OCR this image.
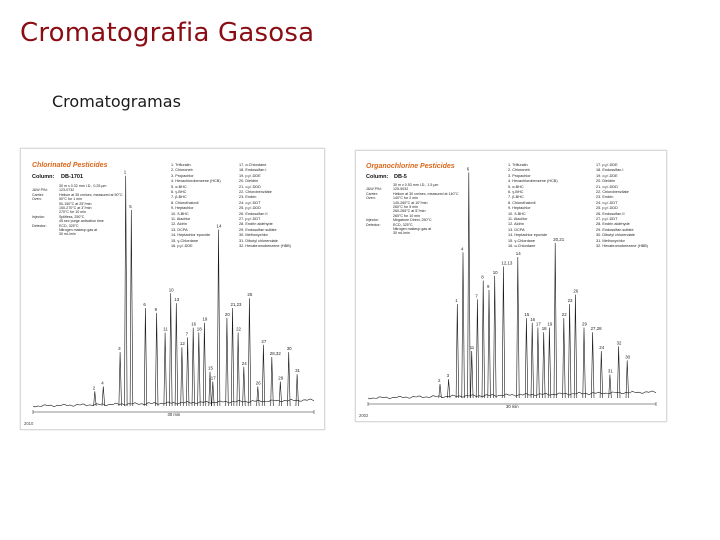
Cromatografia Gasosa
Cromatogramas
Chlorinated Pesticides
Column: DB-1701
30 m x 0.32 mm I.D., 0.25 μm
J&W P/N:	123-0732
Carrier:	Helium at 35 cm/sec, measured at 50°C
Oven:	50°C for 1 min
50-150°C at 25°/min
150-270°C at 3°/min
270°C for 10 min
Injector:	Splitless, 250°C
45 sec purge activation time
Detector:	ECD, 325°C
Nitrogen makeup gas at
30 mL/min
1. Trifluralin
2. Chloroneb
3. Propachlor
4. Hexachlorobenzene (HCB)
5. α-BHC
6. γ-BHC
7. β-BHC
8. Chlorothalonil
9. Heptachlor
10. δ-BHC
11. Alachlor
12. Aldrin
13. DCPA
14. Heptachlor epoxide
15. γ-Chlordane
16. p,p'-DDE
17. α-Chlordane
18. Endosulfan I
19. p,p'-DDE
20. Dieldrin
21. o,p'-DDD
22. Chlorobenzilate
23. Endrin
24. o,p'-DDT
25. p,p'-DDD
26. Endosulfan II
27. p,p'-DDT
28. Endrin aldehyde
29. Endosulfan sulfate
30. Methoxychlor
31. Dibutyl chlorendate
32. Hexabromobenzene (HBB)
2
4
3
1
5
6
9
11
10
13
12
7
16
18
19
15
17
14
20
21,23
22
24
25
26
27
28,32
29
30
31
30 min
2010
Organochlorine Pesticides
Column: DB-5
30 m x 0.53 mm I.D., 1.5 μm
J&W P/N:	125-5032
Carrier:	Helium at 30 cm/sec, measured at 140°C
Oven:	140°C for 2 min
140-260°C at 10°/min
260°C for 5 min
260-265°C at 5°/min
265°C for 10 min
Injector:	Megabore Direct, 250°C
Detector:	ECD, 325°C
Nitrogen makeup gas at
30 mL/min
1. Trifluralin
2. Chloroneb
3. Propachlor
4. Hexachlorobenzene (HCB)
5. α-BHC
6. γ-BHC
7. β-BHC
8. Chlorothalonil
9. Heptachlor
10. δ-BHC
11. Alachlor
12. Aldrin
13. DCPA
14. Heptachlor epoxide
15. γ-Chlordane
16. α-Chlordane
17. p,p'-DDE
18. Endosulfan I
19. o,p'-DDE
20. Dieldrin
21. o,p'-DDD
22. Chlorobenzilate
23. Endrin
24. o,p'-DDT
25. p,p'-DDD
26. Endosulfan II
27. p,p'-DDT
28. Endrin aldehyde
29. Endosulfan sulfate
30. Dibutyl chlorendate
31. Methoxychlor
32. Hexabromobenzene (HBB)
2
3
1
4
6
11
7
8
9
10
12,13
14
15
16
17
18
19
20,21
22
23
26
29
27,28
24
31
32
30
30 min
2002
